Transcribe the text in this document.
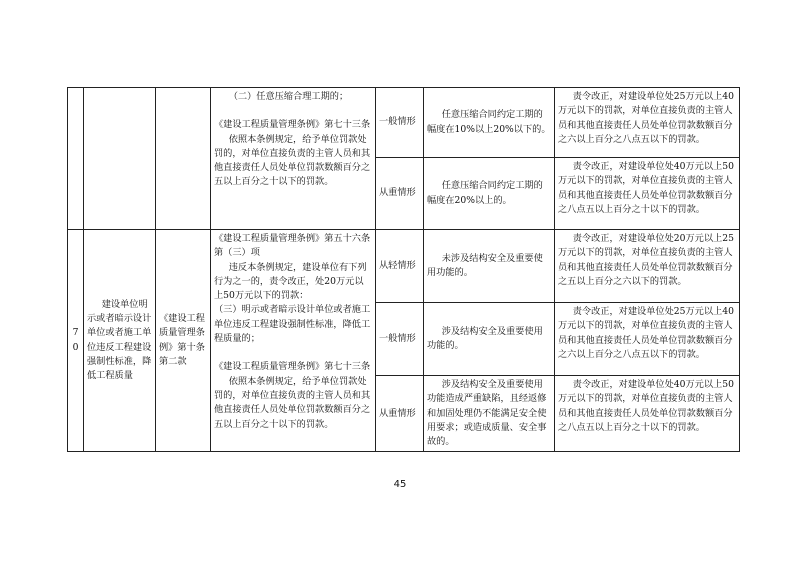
			（二）任意压缩合理工期的；

《建设工程质量管理条例》第七十三条

依照本条例规定，给予单位罚款处罚的，对单位直接负责的主管人员和其他直接责任人员处单位罚款数额百分之五以上百分之十以下的罚款。	一般情形	任意压缩合同约定工期的幅度在10%以上20%以下的。	责令改正，对建设单位处25万元以上40万元以下的罚款，对单位直接负责的主管人员和其他直接责任人员处单位罚款数额百分之六以上百分之八点五以下的罚款。
				从重情形	任意压缩合同约定工期的幅度在20%以上的。	责令改正，对建设单位处40万元以上50万元以下的罚款，对单位直接负责的主管人员和其他直接责任人员处单位罚款数额百分之八点五以上百分之十以下的罚款。
70	建设单位明示或者暗示设计单位或者施工单位违反工程建设强制性标准，降低工程质量	《建设工程质量管理条例》第十条第二款	《建设工程质量管理条例》第五十六条第（三）项

违反本条例规定，建设单位有下列行为之一的，责令改正，处20万元以上50万元以下的罚款：

（三）明示或者暗示设计单位或者施工单位违反工程建设强制性标准，降低工程质量的；

《建设工程质量管理条例》第七十三条

依照本条例规定，给予单位罚款处罚的，对单位直接负责的主管人员和其他直接责任人员处单位罚款数额百分之五以上百分之十以下的罚款。	从轻情形	未涉及结构安全及重要使用功能的。	责令改正，对建设单位处20万元以上25万元以下的罚款，对单位直接负责的主管人员和其他直接责任人员处单位罚款数额百分之五以上百分之六以下的罚款。
				一般情形	涉及结构安全及重要使用功能的。	责令改正，对建设单位处25万元以上40万元以下的罚款，对单位直接负责的主管人员和其他直接责任人员处单位罚款数额百分之六以上百分之八点五以下的罚款。
				从重情形	涉及结构安全及重要使用功能造成严重缺陷，且经返修和加固处理仍不能满足安全使用要求；或造成质量、安全事故的。	责令改正，对建设单位处40万元以上50万元以下的罚款，对单位直接负责的主管人员和其他直接责任人员处单位罚款数额百分之八点五以上百分之十以下的罚款。
45
